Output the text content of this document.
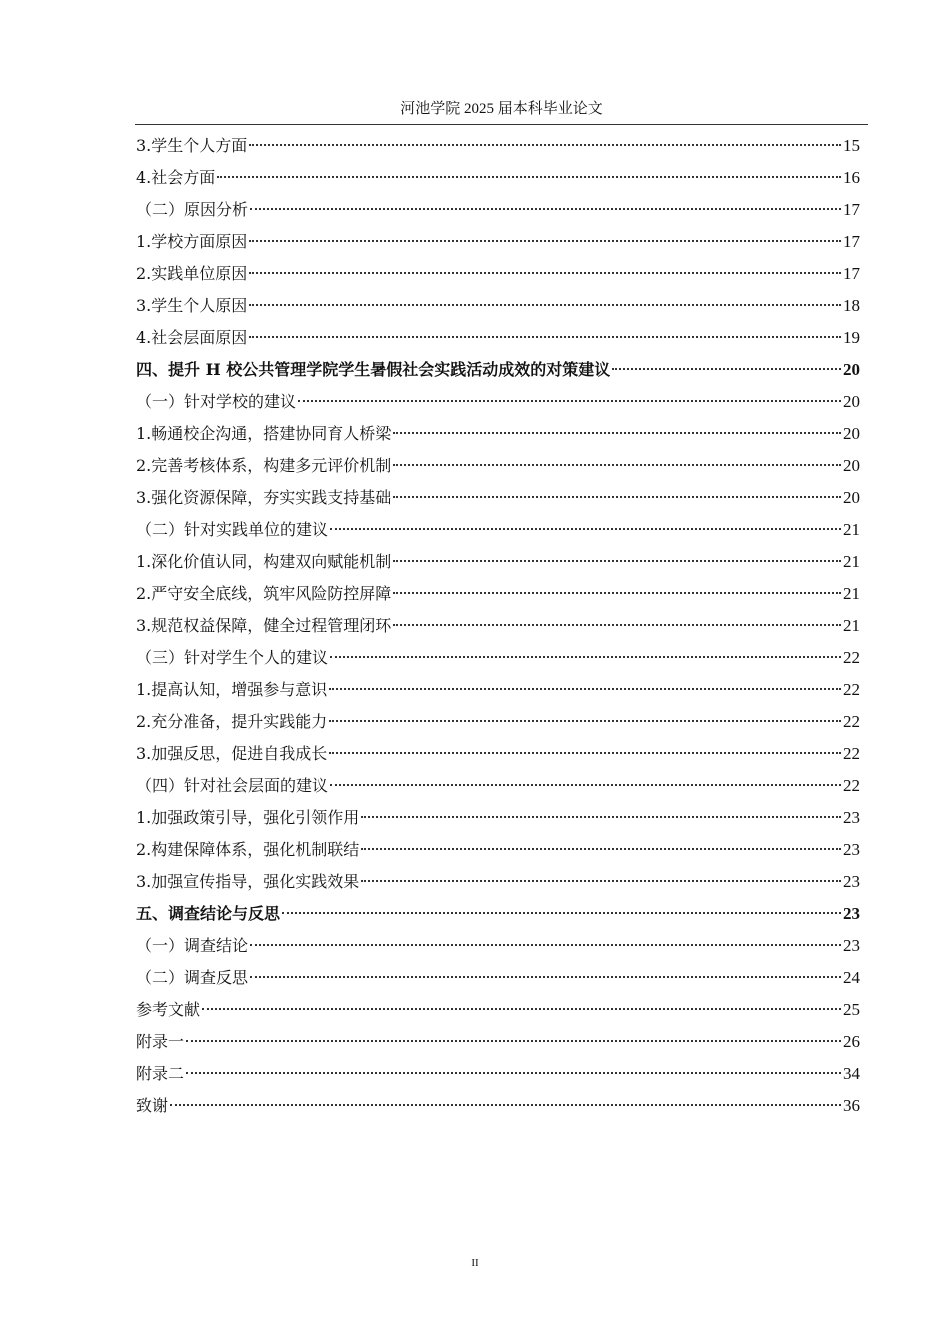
河池学院 2025 届本科毕业论文
3.学生个人方面	15
4.社会方面	16
（二）原因分析	17
1.学校方面原因	17
2.实践单位原因	17
3.学生个人原因	18
4.社会层面原因	19
四、提升 H 校公共管理学院学生暑假社会实践活动成效的对策建议	20
（一）针对学校的建议	20
1.畅通校企沟通，搭建协同育人桥梁	20
2.完善考核体系，构建多元评价机制	20
3.强化资源保障，夯实实践支持基础	20
（二）针对实践单位的建议	21
1.深化价值认同，构建双向赋能机制	21
2.严守安全底线，筑牢风险防控屏障	21
3.规范权益保障，健全过程管理闭环	21
（三）针对学生个人的建议	22
1.提高认知，增强参与意识	22
2.充分准备，提升实践能力	22
3.加强反思，促进自我成长	22
（四）针对社会层面的建议	22
1.加强政策引导，强化引领作用	23
2.构建保障体系，强化机制联结	23
3.加强宣传指导，强化实践效果	23
五、调查结论与反思	23
（一）调查结论	23
（二）调查反思	24
参考文献	25
附录一	26
附录二	34
致谢	36
II
